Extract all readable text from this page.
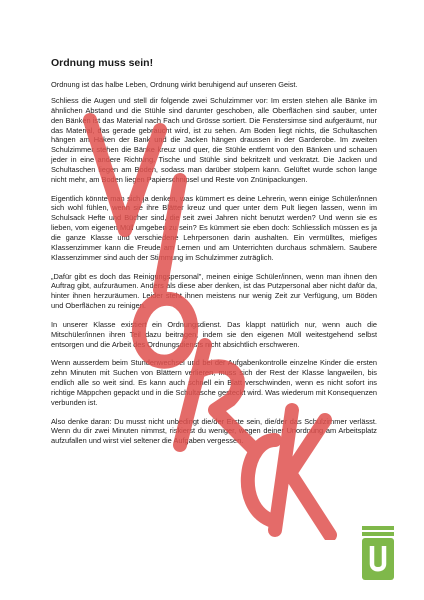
Ordnung muss sein!

Ordnung ist das halbe Leben, Ordnung wirkt beruhigend auf unseren Geist.

Schliess die Augen und stell dir folgende zwei Schulzimmer vor: Im ersten stehen alle Bänke im ähnlichen Abstand und die Stühle sind darunter geschoben, alle Oberflächen sind sauber, unter den Bänken ist das Material nach Fach und Grösse sortiert. Die Fenstersimse sind aufgeräumt, nur das Material, das gerade gebraucht wird, ist zu sehen. Am Boden liegt nichts, die Schultaschen hängen am Haken der Bank und die Jacken hängen draussen in der Garderobe. Im zweiten Schulzimmer stehen die Bänke kreuz und quer, die Stühle entfernt von den Bänken und schauen jeder in eine andere Richtung. Tische und Stühle sind bekritzelt und verkratzt. Die Jacken und Schultaschen liegen am Boden, sodass man darüber stolpern kann. Gelüftet wurde schon lange nicht mehr, am Boden liegen Papierschnipsel und Reste von Znünipackungen.

Eigentlich könnte man sich ja denken, was kümmert es deine Lehrerin, wenn einige Schüler/innen sich wohl fühlen, wenn sie ihre Blätter kreuz und quer unter dem Pult liegen lassen, wenn im Schulsack Hefte und Bücher sind, die seit zwei Jahren nicht benutzt werden? Und wenn sie es lieben, vom eigenen Müll umgeben zu sein? Es kümmert sie eben doch: Schliesslich müssen es ja die ganze Klasse und verschiedene Lehrpersonen darin aushalten. Ein vermülltes, miefiges Klassenzimmer kann die Freude am Lernen und am Unterrichten durchaus schmälern. Saubere Klassenzimmer sind auch der Stimmung im Schulzimmer zuträglich.

„Dafür gibt es doch das Reinigungspersonal", meinen einige Schüler/innen, wenn man ihnen den Auftrag gibt, aufzuräumen. Anders als diese aber denken, ist das Putzpersonal aber nicht dafür da, hinter ihnen herzuräumen. Leider steht ihnen meistens nur wenig Zeit zur Verfügung, um Böden und Oberflächen zu reinigen.

In unserer Klasse existiert ein Ordnungsdienst. Das klappt natürlich nur, wenn auch die Mitschüler/innen ihren Teil dazu beitragen, indem sie den eigenen Müll weitestgehend selbst entsorgen und die Arbeit des Ordnungsdiensts nicht absichtlich erschweren.

Wenn ausserdem beim Stundenwechsel und bei der Aufgabenkontrolle einzelne Kinder die ersten zehn Minuten mit Suchen von Blättern verlieren, muss sich der Rest der Klasse langweilen, bis endlich alle so weit sind. Es kann auch schnell ein Blatt verschwinden, wenn es nicht sofort ins richtige Mäppchen gepackt und in die Schultasche gesteckt wird. Was wiederum mit Konsequenzen verbunden ist.

Also denke daran: Du musst nicht unbedingt die/der Erste sein, die/der das Schulzimmer verlässt. Wenn du dir zwei Minuten nimmst, riskierst du weniger, wegen deiner Unordnung am Arbeitsplatz aufzufallen und wirst viel seltener die Aufgaben vergessen.
